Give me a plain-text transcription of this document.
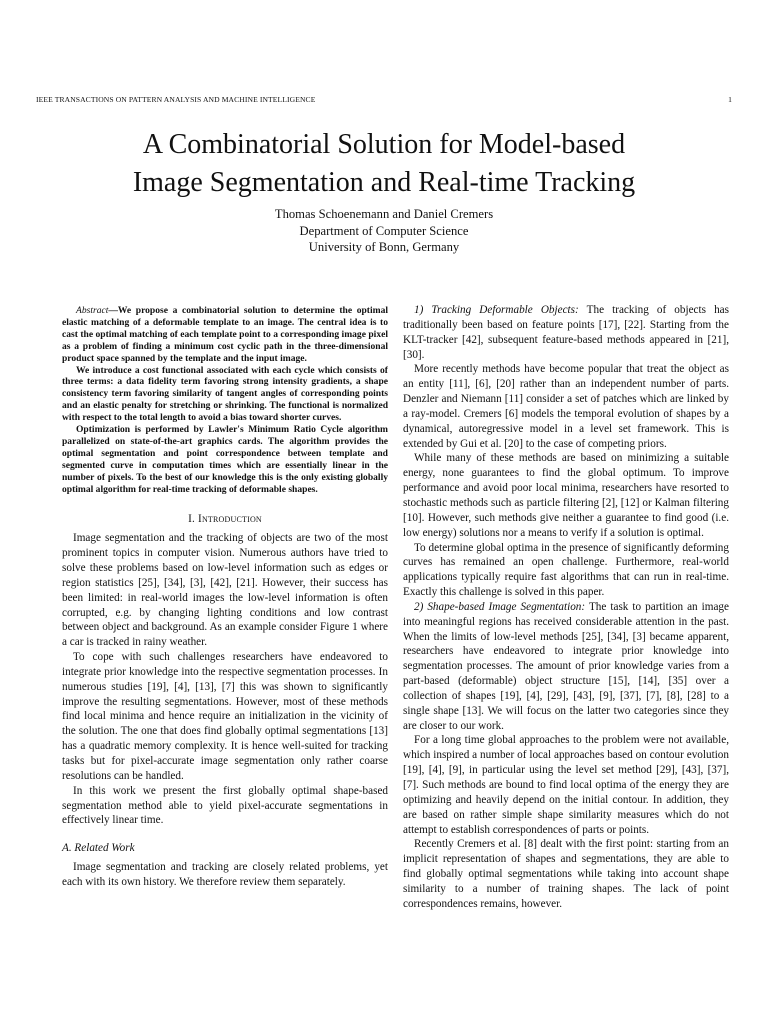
IEEE TRANSACTIONS ON PATTERN ANALYSIS AND MACHINE INTELLIGENCE	1
A Combinatorial Solution for Model-based
Image Segmentation and Real-time Tracking
Thomas Schoenemann and Daniel Cremers
Department of Computer Science
University of Bonn, Germany

Abstract—We propose a combinatorial solution to determine the optimal elastic matching of a deformable template to an image. The central idea is to cast the optimal matching of each template point to a corresponding image pixel as a problem of finding a minimum cost cyclic path in the three-dimensional product space spanned by the template and the input image.

We introduce a cost functional associated with each cycle which consists of three terms: a data fidelity term favoring strong intensity gradients, a shape consistency term favoring similarity of tangent angles of corresponding points and an elastic penalty for stretching or shrinking. The functional is normalized with respect to the total length to avoid a bias toward shorter curves.

Optimization is performed by Lawler's Minimum Ratio Cycle algorithm parallelized on state-of-the-art graphics cards. The algorithm provides the optimal segmentation and point correspondence between template and segmented curve in computation times which are essentially linear in the number of pixels. To the best of our knowledge this is the only existing globally optimal algorithm for real-time tracking of deformable shapes.

I. Introduction

Image segmentation and the tracking of objects are two of the most prominent topics in computer vision. Numerous authors have tried to solve these problems based on low-level information such as edges or region statistics [25], [34], [3], [42], [21]. However, their success has been limited: in real-world images the low-level information is often corrupted, e.g. by changing lighting conditions and low contrast between object and background. As an example consider Figure 1 where a car is tracked in rainy weather.

To cope with such challenges researchers have endeavored to integrate prior knowledge into the respective segmentation processes. In numerous studies [19], [4], [13], [7] this was shown to significantly improve the resulting segmentations. However, most of these methods find local minima and hence require an initialization in the vicinity of the solution. The one that does find globally optimal segmentations [13] has a quadratic memory complexity. It is hence well-suited for tracking tasks but for pixel-accurate image segmentation only rather coarse resolutions can be handled.

In this work we present the first globally optimal shape-based segmentation method able to yield pixel-accurate segmentations in effectively linear time.

A. Related Work

Image segmentation and tracking are closely related problems, yet each with its own history. We therefore review them separately.

1) Tracking Deformable Objects: The tracking of objects has traditionally been based on feature points [17], [22]. Starting from the KLT-tracker [42], subsequent feature-based methods appeared in [21], [30].

More recently methods have become popular that treat the object as an entity [11], [6], [20] rather than an independent number of parts. Denzler and Niemann [11] consider a set of patches which are linked by a ray-model. Cremers [6] models the temporal evolution of shapes by a dynamical, autoregressive model in a level set framework. This is extended by Gui et al. [20] to the case of competing priors.

While many of these methods are based on minimizing a suitable energy, none guarantees to find the global optimum. To improve performance and avoid poor local minima, researchers have resorted to stochastic methods such as particle filtering [2], [12] or Kalman filtering [10]. However, such methods give neither a guarantee to find good (i.e. low energy) solutions nor a means to verify if a solution is optimal.

To determine global optima in the presence of significantly deforming curves has remained an open challenge. Furthermore, real-world applications typically require fast algorithms that can run in real-time. Exactly this challenge is solved in this paper.

2) Shape-based Image Segmentation: The task to partition an image into meaningful regions has received considerable attention in the past. When the limits of low-level methods [25], [34], [3] became apparent, researchers have endeavored to integrate prior knowledge into segmentation processes. The amount of prior knowledge varies from a part-based (deformable) object structure [15], [14], [35] over a collection of shapes [19], [4], [29], [43], [9], [37], [7], [8], [28] to a single shape [13]. We will focus on the latter two categories since they are closer to our work.

For a long time global approaches to the problem were not available, which inspired a number of local approaches based on contour evolution [19], [4], [9], in particular using the level set method [29], [43], [37], [7]. Such methods are bound to find local optima of the energy they are optimizing and heavily depend on the initial contour. In addition, they are based on rather simple shape similarity measures which do not attempt to establish correspondences of parts or points.

Recently Cremers et al. [8] dealt with the first point: starting from an implicit representation of shapes and segmentations, they are able to find globally optimal segmentations while taking into account shape similarity to a number of training shapes. The lack of point correspondences remains, however.
